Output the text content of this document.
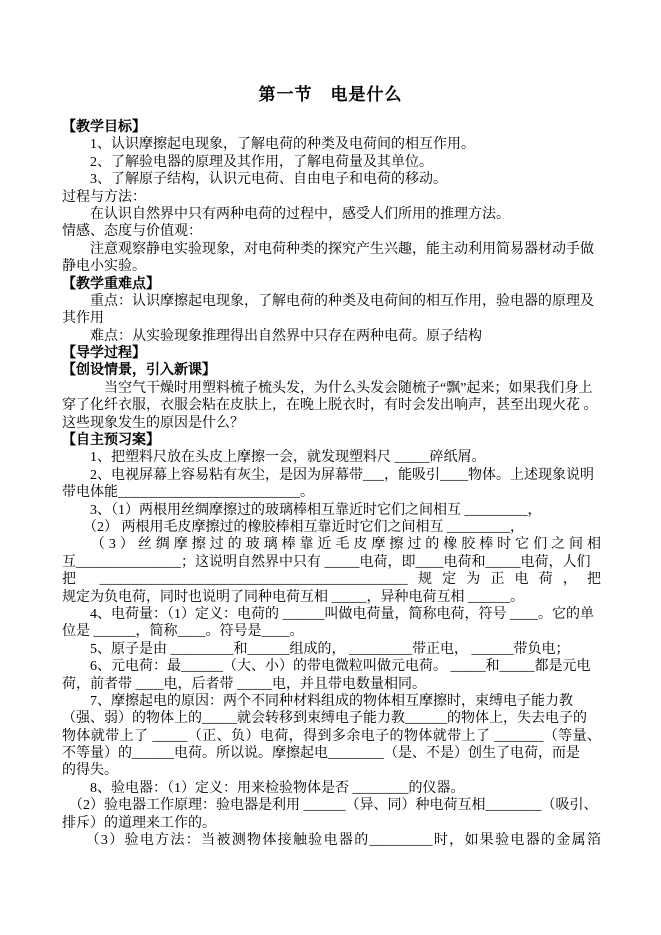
第一节　电是什么
【教学目标】
　　1、认识摩擦起电现象，了解电荷的种类及电荷间的相互作用。
　　2、了解验电器的原理及其作用，了解电荷量及其单位。
　　3、了解原子结构，认识元电荷、自由电子和电荷的移动。
过程与方法：
　　在认识自然界中只有两种电荷的过程中，感受人们所用的推理方法。
情感、态度与价值观：
　　注意观察静电实验现象，对电荷种类的探究产生兴趣，能主动利用简易器材动手做
静电小实验。
【教学重难点】
　　重点：认识摩擦起电现象，了解电荷的种类及电荷间的相互作用，验电器的原理及
其作用
　　难点：从实验现象推理得出自然界中只存在两种电荷。原子结构
【导学过程】
【创设情景，引入新课】
　　　当空气干燥时用塑料梳子梳头发，为什么头发会随梳子“飘”起来；如果我们身上
穿了化纤衣服，衣服会粘在皮肤上，在晚上脱衣时，有时会发出响声，甚至出现火花 。
这些现象发生的原因是什么？
【自主预习案】
　　1、把塑料尺放在头皮上摩擦一会，就发现塑料尺 _____碎纸屑。
　　2、电视屏幕上容易粘有灰尘，是因为屏幕带___，能吸引____物体。上述现象说明
带电体能__________________________。
　　3、（1）两根用丝绸摩擦过的玻璃棒相互靠近时它们之间相互 _________，
　　（2） 两根用毛皮摩擦过的橡胶棒相互靠近时它们之间相互 _________，
　　（3）丝绸摩擦过的玻璃棒靠近毛皮摩擦过的橡胶棒时它们之间相
互_______________；这说明自然界中只有 _____电荷，即____电荷和_____电荷，人们
把 ____________________________________________规定为正电荷，把
规定为负电荷，同时也说明了同种电荷互相 _____，异种电荷互相 ______。
　　4、电荷量：（1）定义：电荷的 ______叫做电荷量，简称电荷，符号 ____。它的单
位是 ______，简称____。符号是____。
　　5、原子是由 _________和______组成的， _________带正电， ______带负电；
　　6、元电荷：最______（大、小）的带电微粒叫做元电荷。 _____和_____都是元电
荷，前者带 ____电，后者带 _____电，并且带电数量相同。
　　7、摩擦起电的原因：两个不同种材料组成的物体相互摩擦时，束缚电子能力教
（强、弱）的物体上的_____就会转移到束缚电子能力教______的物体上，失去电子的
物体就带上了 _____（正、负）电荷，得到多余电子的物体就带上了 _______（等量、
不等量）的______电荷。所以说。摩擦起电________（是、不是）创生了电荷，而是
的得失。
　　8、验电器：（1）定义：用来检验物体是否 ________的仪器。
　（2）验电器工作原理：验电器是利用 ______（异、同）种电荷互相________（吸引、
排斥）的道理来工作的。
　　（3）验电方法：当被测物体接触验电器的_________时，如果验电器的金属箔
